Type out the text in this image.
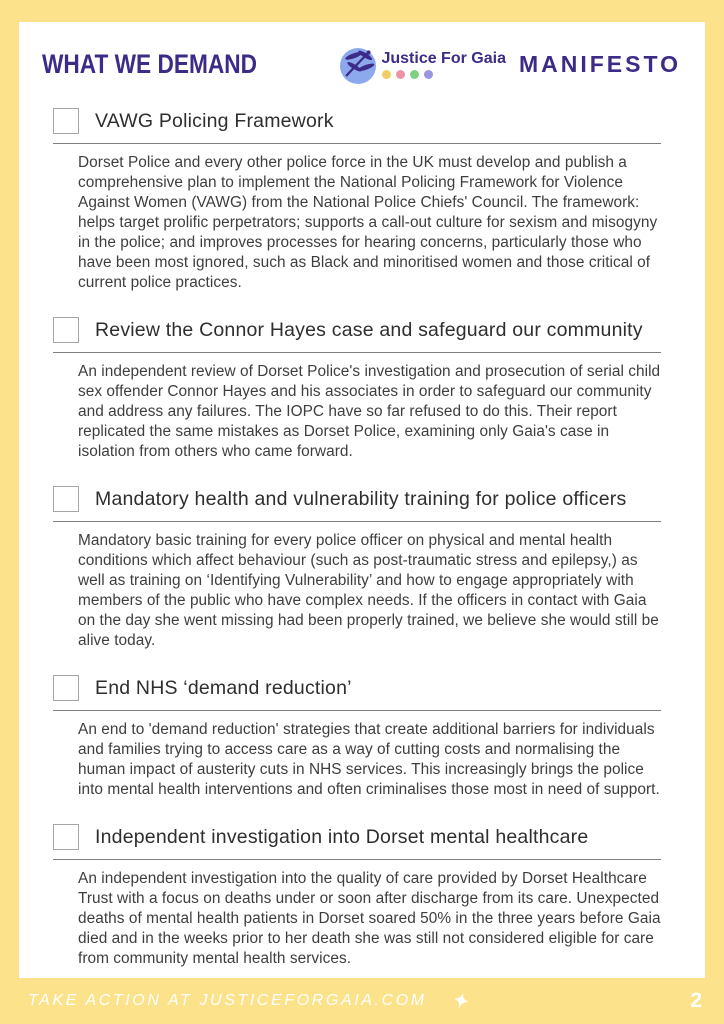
WHAT WE DEMAND	Justice For Gaia MANIFESTO
VAWG Policing Framework

Dorset Police and every other police force in the UK must develop and publish a comprehensive plan to implement the National Policing Framework for Violence Against Women (VAWG) from the National Police Chiefs' Council. The framework: helps target prolific perpetrators; supports a call-out culture for sexism and misogyny in the police; and improves processes for hearing concerns, particularly those who have been most ignored, such as Black and minoritised women and those critical of current police practices.

Review the Connor Hayes case and safeguard our community

An independent review of Dorset Police's investigation and prosecution of serial child sex offender Connor Hayes and his associates in order to safeguard our community and address any failures. The IOPC have so far refused to do this. Their report replicated the same mistakes as Dorset Police, examining only Gaia's case in isolation from others who came forward.

Mandatory health and vulnerability training for police officers

Mandatory basic training for every police officer on physical and mental health conditions which affect behaviour (such as post-traumatic stress and epilepsy,) as well as training on ‘Identifying Vulnerability’ and how to engage appropriately with members of the public who have complex needs. If the officers in contact with Gaia on the day she went missing had been properly trained, we believe she would still be alive today.

End NHS ‘demand reduction’

An end to 'demand reduction' strategies that create additional barriers for individuals and families trying to access care as a way of cutting costs and normalising the human impact of austerity cuts in NHS services. This increasingly brings the police into mental health interventions and often criminalises those most in need of support.

Independent investigation into Dorset mental healthcare

An independent investigation into the quality of care provided by Dorset Healthcare Trust with a focus on deaths under or soon after discharge from its care. Unexpected deaths of mental health patients in Dorset soared 50% in the three years before Gaia died and in the weeks prior to her death she was still not considered eligible for care from community mental health services.

TAKE ACTION AT JUSTICEFORGAIA.COM	2
